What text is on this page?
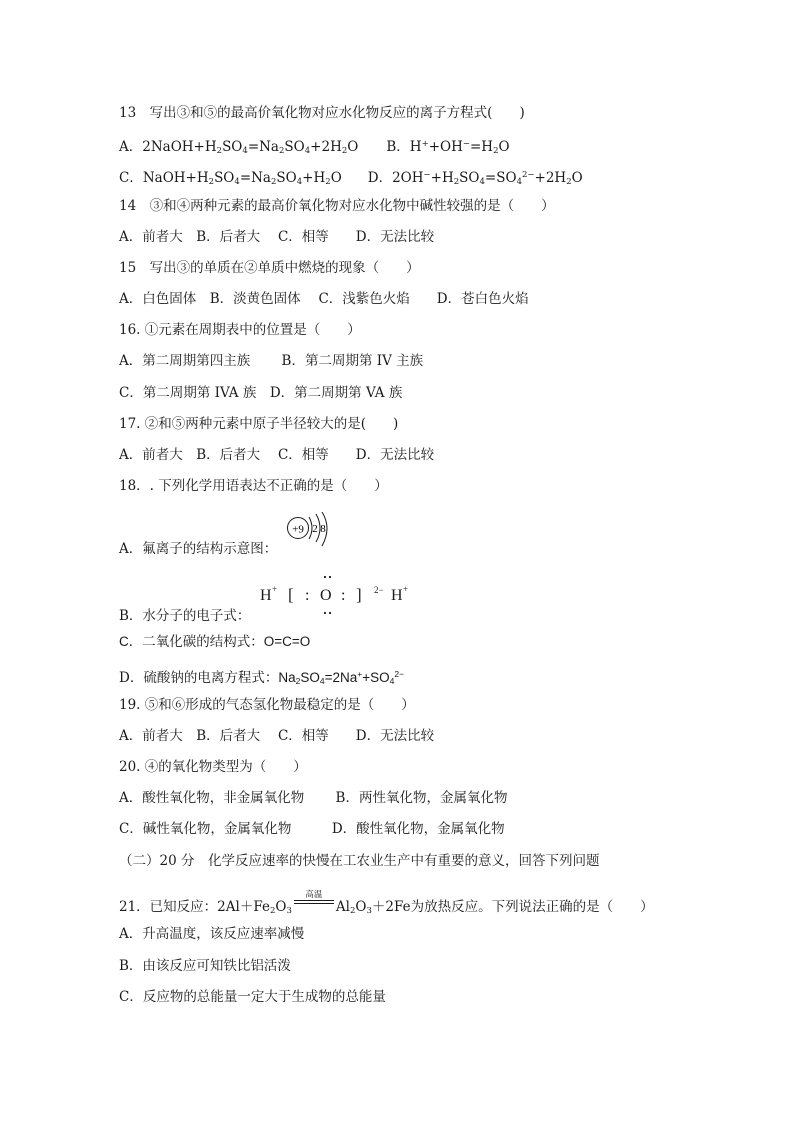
13　写出③和⑤的最高价氧化物对应水化物反应的离子方程式(　　)
A．$2NaOH+H_2SO_4=Na_2SO_4+2H_2O$ B．$H^++OH^-=H_2O$
C．$NaOH+H_2SO_4=Na_2SO_4+H_2O$ D．$2OH^-+H_2SO_4=SO_4^{2-}+2H_2O$
14　③和④两种元素的最高价氧化物对应水化物中碱性较强的是（　　）
A．前者大　B．后者大　 C．相等　　D．无法比较
15　写出③的单质在②单质中燃烧的现象（　　）
A．白色固体　B．淡黄色固体　 C．浅紫色火焰　　D．苍白色火焰
16. ①元素在周期表中的位置是（　　）
A．第二周期第四主族　　 B．第二周期第 IV 主族
C．第二周期第 IVA 族　D．第二周期第 VA 族
17. ②和⑤两种元素中原子半径较大的是(　　)
A．前者大　B．后者大　 C．相等　　D．无法比较
18．. 下列化学用语表达不正确的是（　　）
A．氟离子的结构示意图：
+9 2 8
H + [ : O : ] 2− H +
B．水分子的电子式：
C．二氧化碳的结构式：O=C=O
D．硫酸钠的电离方程式：$Na_2SO_4=2Na^++SO_4^{2-}$
19. ⑤和⑥形成的气态氢化物最稳定的是（　　）
A．前者大　B．后者大　 C．相等　　D．无法比较
20. ④的氧化物类型为（　　）
A．酸性氧化物，非金属氧化物　　 B．两性氧化物，金属氧化物
C．碱性氧化物，金属氧化物　　　D．酸性氧化物，金属氧化物
（二）20 分　化学反应速率的快慢在工农业生产中有重要的意义，回答下列问题
21．已知反应：$2Al+Fe_2O_3$
高温
$Al_2O_3+2Fe$为放热反应。下列说法正确的是（　　）
A．升高温度，该反应速率减慢
B．由该反应可知铁比铝活泼
C．反应物的总能量一定大于生成物的总能量
